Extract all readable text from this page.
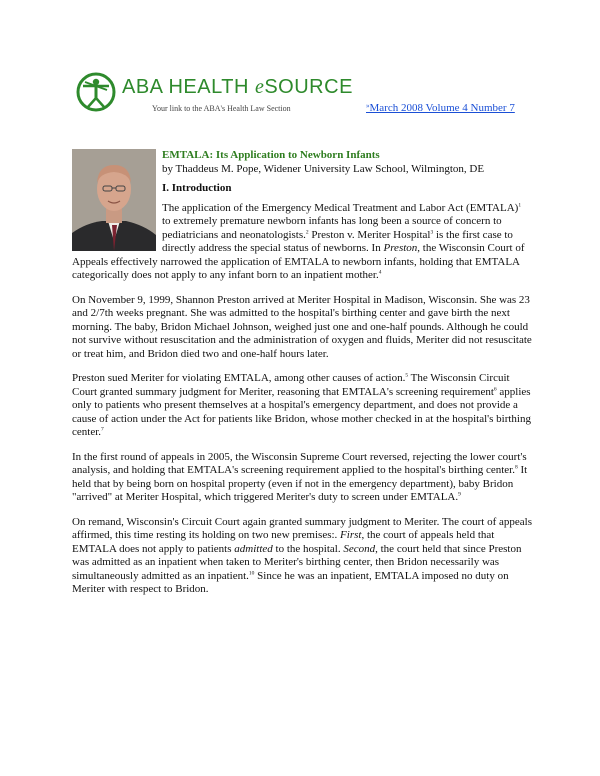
ABA HEALTH eSOURCE
Your link to the ABA's Health Law Section	»March 2008 Volume 4 Number 7
EMTALA: Its Application to Newborn Infants
by Thaddeus M. Pope, Widener University Law School, Wilmington, DE
I. Introduction

The application of the Emergency Medical Treatment and Labor Act (EMTALA)$^1$ to extremely premature newborn infants has long been a source of concern to pediatricians and neonatologists.$^2$ Preston v. Meriter Hospital$^3$ is the first case to directly address the special status of newborns. In Preston, the Wisconsin Court of Appeals effectively narrowed the application of EMTALA to newborn infants, holding that EMTALA categorically does not apply to any infant born to an inpatient mother.$^4$

On November 9, 1999, Shannon Preston arrived at Meriter Hospital in Madison, Wisconsin. She was 23 and 2/7th weeks pregnant. She was admitted to the hospital's birthing center and gave birth the next morning. The baby, Bridon Michael Johnson, weighed just one and one-half pounds. Although he could not survive without resuscitation and the administration of oxygen and fluids, Meriter did not resuscitate or treat him, and Bridon died two and one-half hours later.

Preston sued Meriter for violating EMTALA, among other causes of action.$^5$ The Wisconsin Circuit Court granted summary judgment for Meriter, reasoning that EMTALA's screening requirement$^6$ applies only to patients who present themselves at a hospital's emergency department, and does not provide a cause of action under the Act for patients like Bridon, whose mother checked in at the hospital's birthing center.$^7$

In the first round of appeals in 2005, the Wisconsin Supreme Court reversed, rejecting the lower court's analysis, and holding that EMTALA's screening requirement applied to the hospital's birthing center.$^8$ It held that by being born on hospital property (even if not in the emergency department), baby Bridon "arrived" at Meriter Hospital, which triggered Meriter's duty to screen under EMTALA.$^9$

On remand, Wisconsin's Circuit Court again granted summary judgment to Meriter. The court of appeals affirmed, this time resting its holding on two new premises:. First, the court of appeals held that EMTALA does not apply to patients admitted to the hospital. Second, the court held that since Preston was admitted as an inpatient when taken to Meriter's birthing center, then Bridon necessarily was simultaneously admitted as an inpatient.$^{10}$ Since he was an inpatient, EMTALA imposed no duty on Meriter with respect to Bridon.
